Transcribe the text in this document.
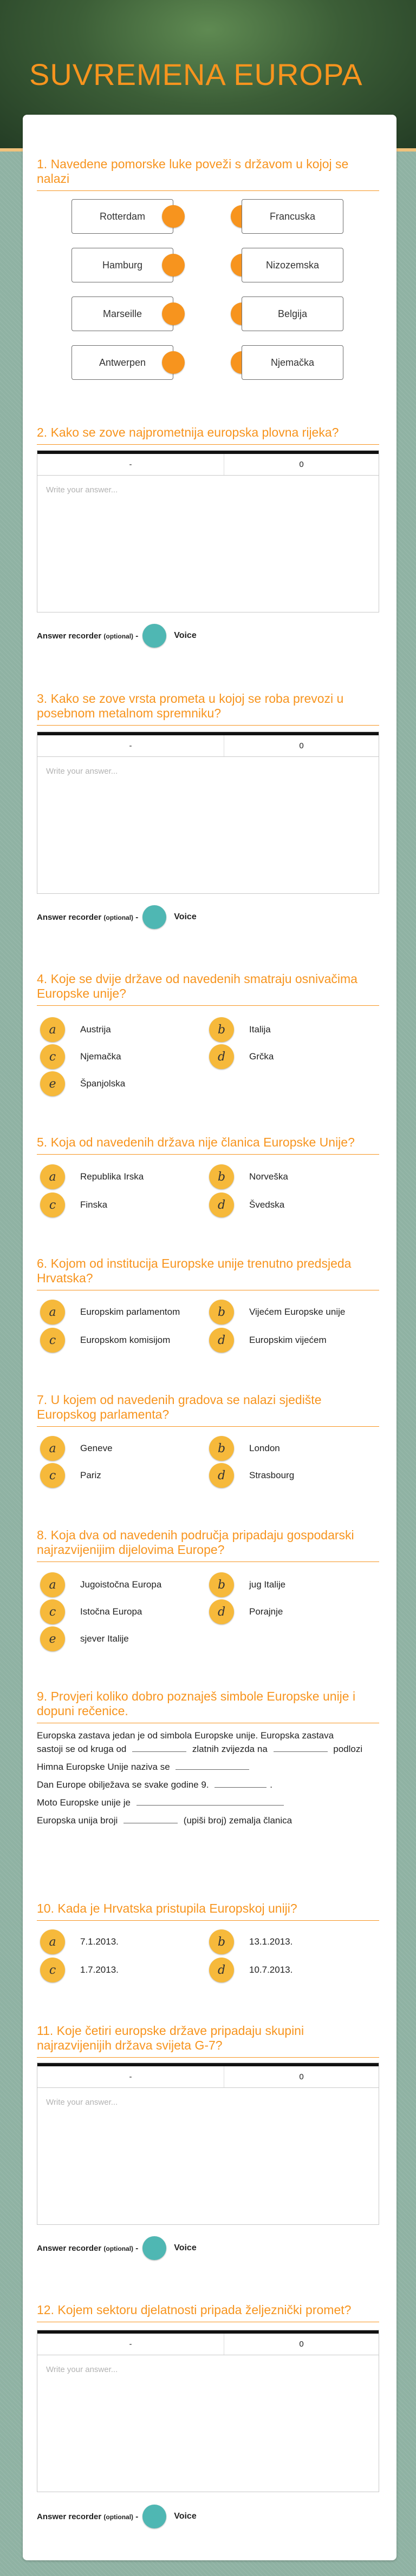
SUVREMENA EUROPA
1. Navedene pomorske luke poveži s državom u kojoj se nalazi
Rotterdam	Francuska
Hamburg	Nizozemska
Marseille	Belgija
Antwerpen	Njemačka
2. Kako se zove najprometnija europska plovna rijeka?
-	0
Write your answer...
Answer recorder (optional) -	Voice
3. Kako se zove vrsta prometa u kojoj se roba prevozi u posebnom metalnom spremniku?
-	0
Write your answer...
Answer recorder (optional) -	Voice
4. Koje se dvije države od navedenih smatraju osnivačima Europske unije?
a	Austrija	b	Italija
c	Njemačka	d	Grčka
e	Španjolska
5. Koja od navedenih država nije članica Europske Unije?
a	Republika Irska	b	Norveška
c	Finska	d	Švedska
6. Kojom od institucija Europske unije trenutno predsjeda Hrvatska?
a	Europskim parlamentom	b	Vijećem Europske unije
c	Europskom komisijom	d	Europskim vijećem
7. U kojem od navedenih gradova se nalazi sjedište Europskog parlamenta?
a	Geneve	b	London
c	Pariz	d	Strasbourg
8. Koja dva od navedenih područja pripadaju gospodarski najrazvijenijim dijelovima Europe?
a	Jugoistočna Europa	b	jug Italije
c	Istočna Europa	d	Porajnje
e	sjever Italije
9. Provjeri koliko dobro poznaješ simbole Europske unije i dopuni rečenice.
Europska zastava jedan je od simbola Europske unije. Europska zastava
sastoji se od kruga od	zlatnih zvijezda na	podlozi
Himna Europske Unije naziva se
Dan Europe obilježava se svake godine 9.	.
Moto Europske unije je
Europska unija broji	(upiši broj) zemalja članica
10. Kada je Hrvatska pristupila Europskoj uniji?
a	7.1.2013.	b	13.1.2013.
c	1.7.2013.	d	10.7.2013.
11. Koje četiri europske države pripadaju skupini najrazvijenijih država svijeta G-7?
-	0
Write your answer...
Answer recorder (optional) -	Voice
12. Kojem sektoru djelatnosti pripada željeznički promet?
-	0
Write your answer...
Answer recorder (optional) -	Voice
